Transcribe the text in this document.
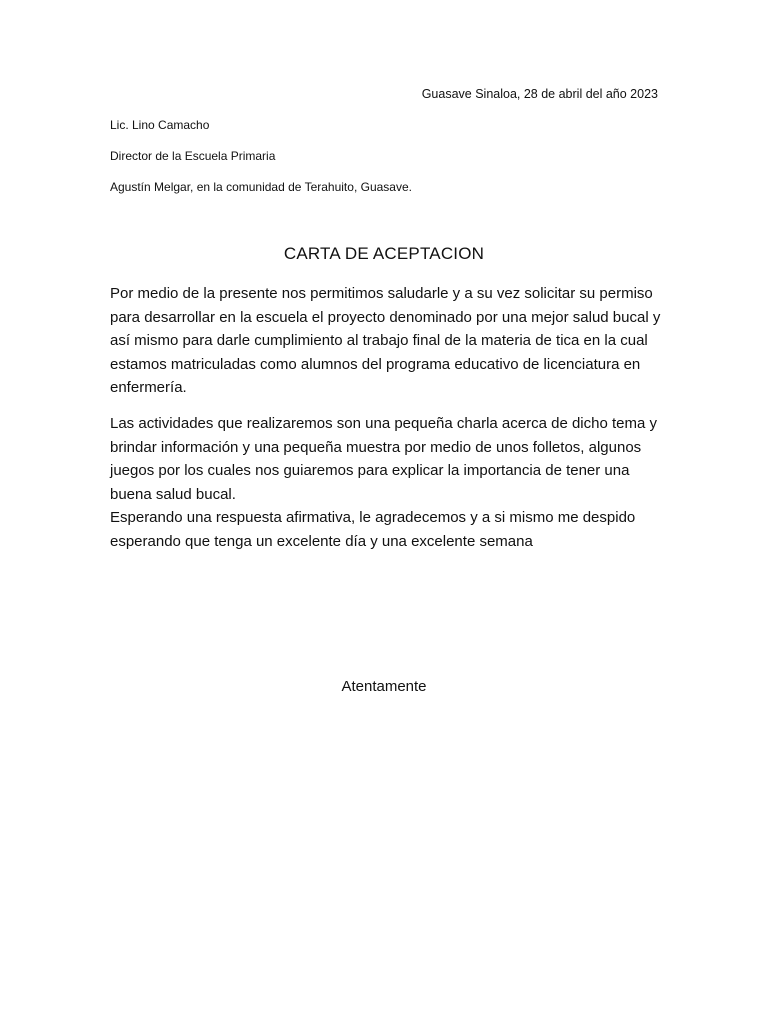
Guasave Sinaloa, 28 de abril del año 2023
Lic. Lino Camacho
Director de la Escuela Primaria
Agustín Melgar, en la comunidad de Terahuito, Guasave.
CARTA DE ACEPTACION

Por medio de la presente nos permitimos saludarle y a su vez solicitar su permiso para desarrollar en la escuela el proyecto denominado por una mejor salud bucal y así mismo para darle cumplimiento al trabajo final de la materia de tica en la cual estamos matriculadas como alumnos del programa educativo de licenciatura en enfermería.

Las actividades que realizaremos son una pequeña charla acerca de dicho tema y brindar información y una pequeña muestra por medio de unos folletos, algunos juegos por los cuales nos guiaremos para explicar la importancia de tener una buena salud bucal.
Esperando una respuesta afirmativa, le agradecemos y a si mismo me despido esperando que tenga un excelente día y una excelente semana
Atentamente
